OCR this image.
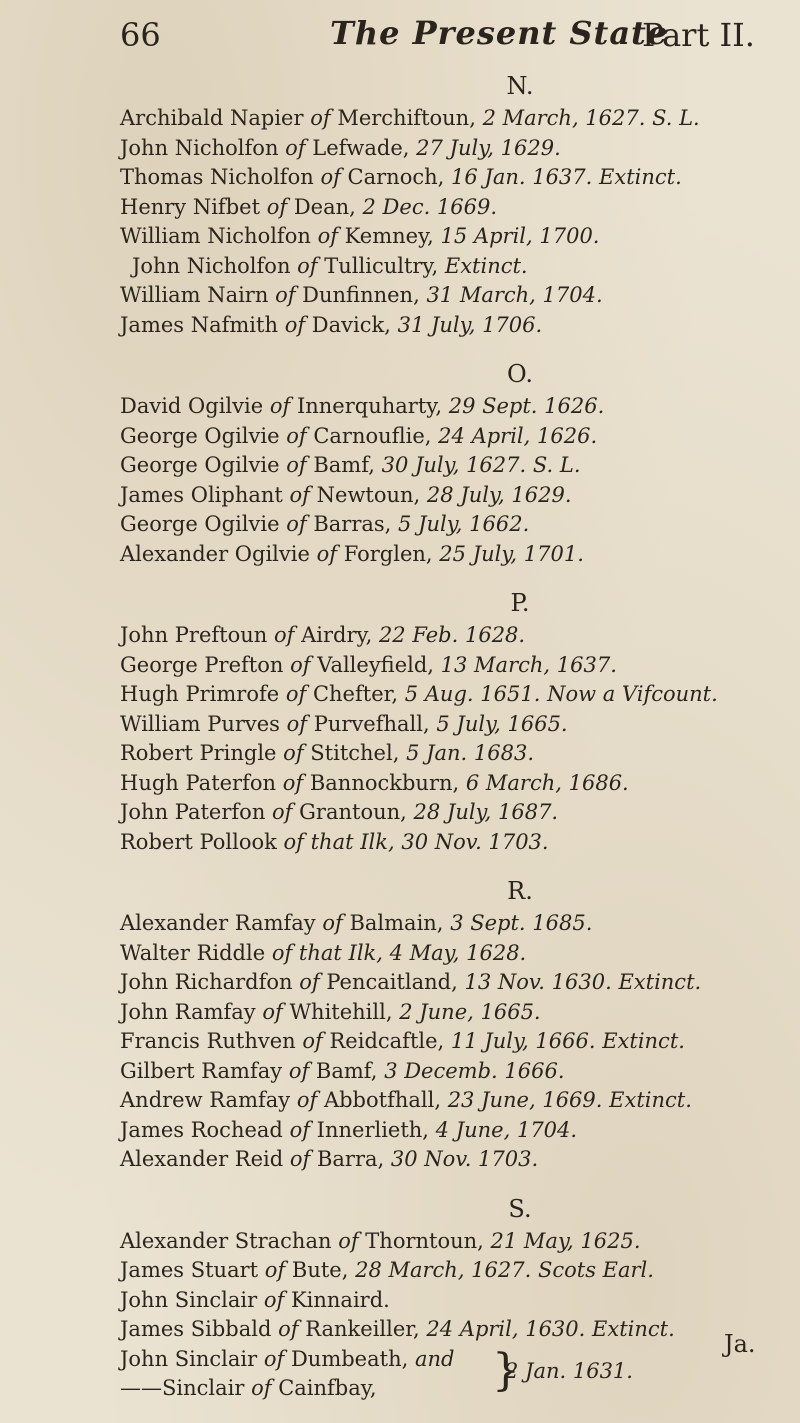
66	The Present State
Part II.
N.
Archibald Napier of Merchiftoun, 2 March, 1627. S. L.
John Nicholfon of Lefwade, 27 July, 1629.
Thomas Nicholfon of Carnoch, 16 Jan. 1637. Extinct.
Henry Nifbet of Dean, 2 Dec. 1669.
William Nicholfon of Kemney, 15 April, 1700.
John Nicholfon of Tullicultry, Extinct.
William Nairn of Dunfinnen, 31 March, 1704.
James Nafmith of Davick, 31 July, 1706.
O.
David Ogilvie of Innerquharty, 29 Sept. 1626.
George Ogilvie of Carnouflie, 24 April, 1626.
George Ogilvie of Bamf, 30 July, 1627. S. L.
James Oliphant of Newtoun, 28 July, 1629.
George Ogilvie of Barras, 5 July, 1662.
Alexander Ogilvie of Forglen, 25 July, 1701.
P.
John Preftoun of Airdry, 22 Feb. 1628.
George Prefton of Valleyfield, 13 March, 1637.
Hugh Primrofe of Chefter, 5 Aug. 1651. Now a Vifcount.
William Purves of Purvefhall, 5 July, 1665.
Robert Pringle of Stitchel, 5 Jan. 1683.
Hugh Paterfon of Bannockburn, 6 March, 1686.
John Paterfon of Grantoun, 28 July, 1687.
Robert Pollook of that Ilk, 30 Nov. 1703.
R.
Alexander Ramfay of Balmain, 3 Sept. 1685.
Walter Riddle of that Ilk, 4 May, 1628.
John Richardfon of Pencaitland, 13 Nov. 1630. Extinct.
John Ramfay of Whitehill, 2 June, 1665.
Francis Ruthven of Reidcaftle, 11 July, 1666. Extinct.
Gilbert Ramfay of Bamf, 3 Decemb. 1666.
Andrew Ramfay of Abbotfhall, 23 June, 1669. Extinct.
James Rochead of Innerlieth, 4 June, 1704.
Alexander Reid of Barra, 30 Nov. 1703.
S.
Alexander Strachan of Thorntoun, 21 May, 1625.
James Stuart of Bute, 28 March, 1627. Scots Earl.
John Sinclair of Kinnaird.
James Sibbald of Rankeiller, 24 April, 1630. Extinct.
John Sinclair of Dumbeath, and
——Sinclair of Cainfbay,	}
2 Jan. 1631.
Ja.
